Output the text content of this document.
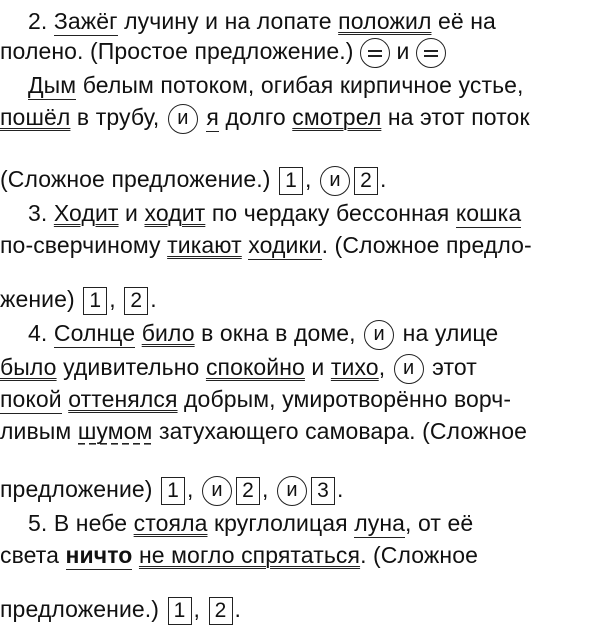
2. Зажёг лучину и на лопате положил её на
полено. (Простое предложение.)  и
Дым белым потоком, огибая кирпичное устье,
пошёл в трубу, и я долго смотрел на этот поток
(Сложное предложение.) 1 , и 2 .
3. Ходит и ходит по чердаку бессонная кошка
по-сверчиному тикают ходики. (Сложное предло-
жение) 1 , 2 .
4. Солнце било в окна в доме, и на улице
было удивительно спокойно и тихо, и этот
покой оттенялся добрым, умиротворённо ворч-
ливым шумом затухающего самовара. (Сложное
предложение) 1 , и 2 , и 3 .
5. В небе стояла круглолицая луна, от её
света ничто не могло спрятаться. (Сложное
предложение.) 1 , 2 .
